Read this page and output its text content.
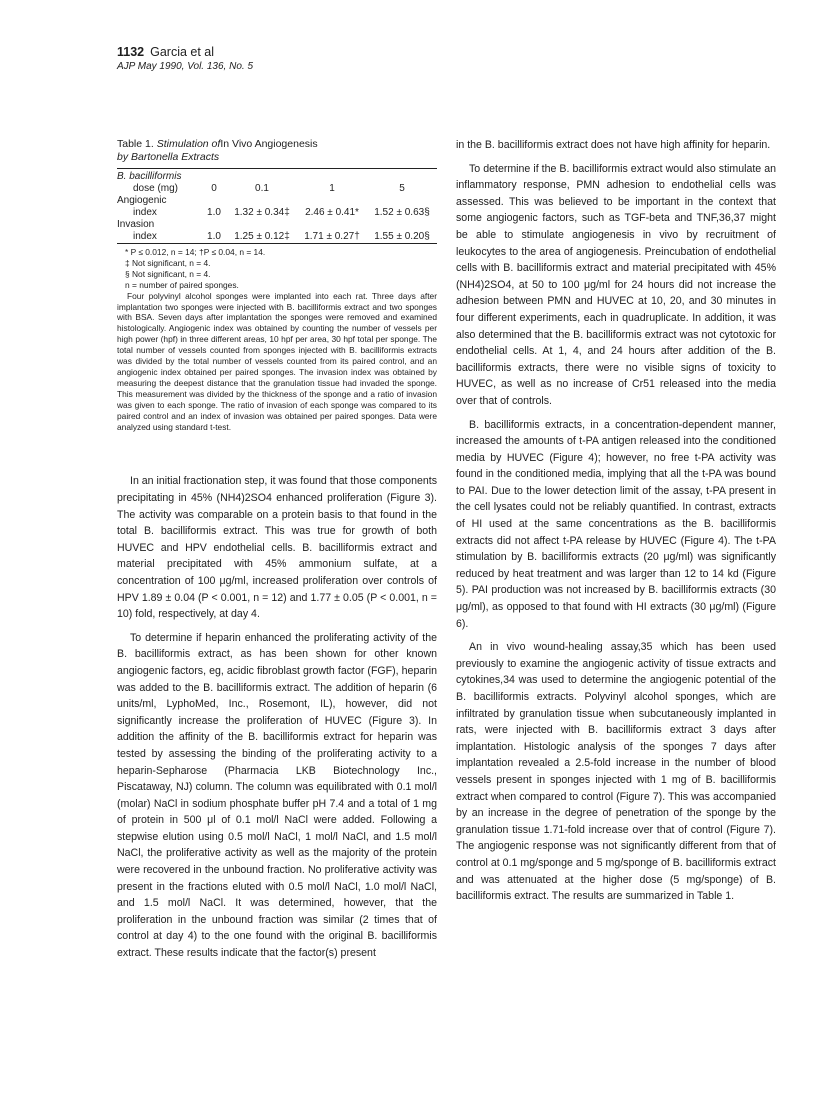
1132 Garcia et al
AJP May 1990, Vol. 136, No. 5
Table 1. Stimulation ofIn Vivo Angiogenesis
by Bartonella Extracts
B. bacilliformis
dose (mg)	0	0.1	1	5
Angiogenic
index	1.0	1.32 ± 0.34‡	2.46 ± 0.41*	1.52 ± 0.63§
Invasion
index	1.0	1.25 ± 0.12‡	1.71 ± 0.27†	1.55 ± 0.20§
* P ≤ 0.012, n = 14; †P ≤ 0.04, n = 14.
‡ Not significant, n = 4.
§ Not significant, n = 4.
n = number of paired sponges.

Four polyvinyl alcohol sponges were implanted into each rat. Three days after implantation two sponges were injected with B. bacilliformis extract and two sponges with BSA. Seven days after implantation the sponges were removed and examined histologically. Angiogenic index was obtained by counting the number of vessels per high power (hpf) in three different areas, 10 hpf per area, 30 hpf total per sponge. The total number of vessels counted from sponges injected with B. bacilliformis extracts was divided by the total number of vessels counted from its paired control, and an angiogenic index obtained per paired sponges. The invasion index was obtained by measuring the deepest distance that the granulation tissue had invaded the sponge. This measurement was divided by the thickness of the sponge and a ratio of invasion was given to each sponge. The ratio of invasion of each sponge was compared to its paired control and an index of invasion was obtained per paired sponges. Data were analyzed using standard t-test.

In an initial fractionation step, it was found that those components precipitating in 45% (NH4)2SO4 enhanced proliferation (Figure 3). The activity was comparable on a protein basis to that found in the total B. bacilliformis extract. This was true for growth of both HUVEC and HPV endothelial cells. B. bacilliformis extract and material precipitated with 45% ammonium sulfate, at a concentration of 100 μg/ml, increased proliferation over controls of HPV 1.89 ± 0.04 (P < 0.001, n = 12) and 1.77 ± 0.05 (P < 0.001, n = 10) fold, respectively, at day 4.

To determine if heparin enhanced the proliferating activity of the B. bacilliformis extract, as has been shown for other known angiogenic factors, eg, acidic fibroblast growth factor (FGF), heparin was added to the B. bacilliformis extract. The addition of heparin (6 units/ml, LyphoMed, Inc., Rosemont, IL), however, did not significantly increase the proliferation of HUVEC (Figure 3). In addition the affinity of the B. bacilliformis extract for heparin was tested by assessing the binding of the proliferating activity to a heparin-Sepharose (Pharmacia LKB Biotechnology Inc., Piscataway, NJ) column. The column was equilibrated with 0.1 mol/l (molar) NaCl in sodium phosphate buffer pH 7.4 and a total of 1 mg of protein in 500 μl of 0.1 mol/l NaCl were added. Following a stepwise elution using 0.5 mol/l NaCl, 1 mol/l NaCl, and 1.5 mol/l NaCl, the proliferative activity as well as the majority of the protein were recovered in the unbound fraction. No proliferative activity was present in the fractions eluted with 0.5 mol/l NaCl, 1.0 mol/l NaCl, and 1.5 mol/l NaCl. It was determined, however, that the proliferation in the unbound fraction was similar (2 times that of control at day 4) to the one found with the original B. bacilliformis extract. These results indicate that the factor(s) present

in the B. bacilliformis extract does not have high affinity for heparin.

To determine if the B. bacilliformis extract would also stimulate an inflammatory response, PMN adhesion to endothelial cells was assessed. This was believed to be important in the context that some angiogenic factors, such as TGF-beta and TNF,36,37 might be able to stimulate angiogenesis in vivo by recruitment of leukocytes to the area of angiogenesis. Preincubation of endothelial cells with B. bacilliformis extract and material precipitated with 45% (NH4)2SO4, at 50 to 100 μg/ml for 24 hours did not increase the adhesion between PMN and HUVEC at 10, 20, and 30 minutes in four different experiments, each in quadruplicate. In addition, it was also determined that the B. bacilliformis extract was not cytotoxic for endothelial cells. At 1, 4, and 24 hours after addition of the B. bacilliformis extracts, there were no visible signs of toxicity to HUVEC, as well as no increase of Cr51 released into the media over that of controls.

B. bacilliformis extracts, in a concentration-dependent manner, increased the amounts of t-PA antigen released into the conditioned media by HUVEC (Figure 4); however, no free t-PA activity was found in the conditioned media, implying that all the t-PA was bound to PAI. Due to the lower detection limit of the assay, t-PA present in the cell lysates could not be reliably quantified. In contrast, extracts of HI used at the same concentrations as the B. bacilliformis extracts did not affect t-PA release by HUVEC (Figure 4). The t-PA stimulation by B. bacilliformis extracts (20 μg/ml) was significantly reduced by heat treatment and was larger than 12 to 14 kd (Figure 5). PAI production was not increased by B. bacilliformis extracts (30 μg/ml), as opposed to that found with HI extracts (30 μg/ml) (Figure 6).

An in vivo wound-healing assay,35 which has been used previously to examine the angiogenic activity of tissue extracts and cytokines,34 was used to determine the angiogenic potential of the B. bacilliformis extracts. Polyvinyl alcohol sponges, which are infiltrated by granulation tissue when subcutaneously implanted in rats, were injected with B. bacilliformis extract 3 days after implantation. Histologic analysis of the sponges 7 days after implantation revealed a 2.5-fold increase in the number of blood vessels present in sponges injected with 1 mg of B. bacilliformis extract when compared to control (Figure 7). This was accompanied by an increase in the degree of penetration of the sponge by the granulation tissue 1.71-fold increase over that of control (Figure 7). The angiogenic response was not significantly different from that of control at 0.1 mg/sponge and 5 mg/sponge of B. bacilliformis extract and was attenuated at the higher dose (5 mg/sponge) of B. bacilliformis extract. The results are summarized in Table 1.
